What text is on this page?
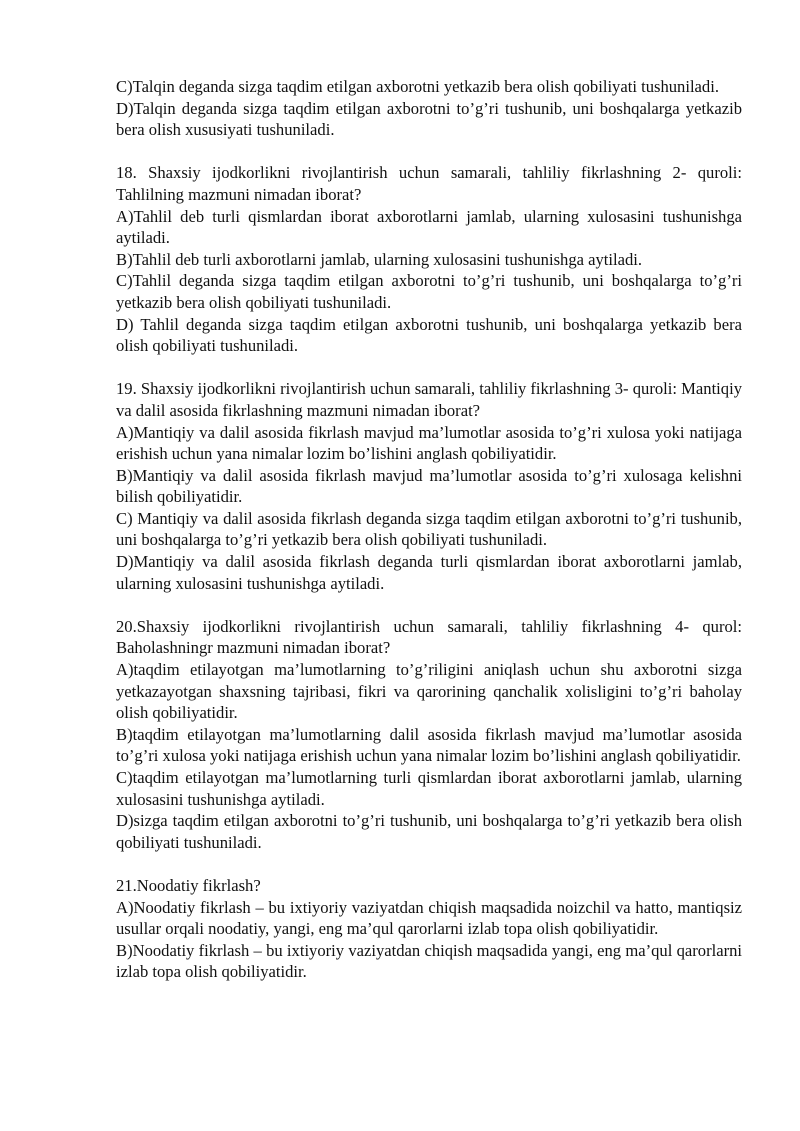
C)Talqin deganda sizga taqdim etilgan axborotni yetkazib bera olish qobiliyati tushuniladi.

D)Talqin deganda sizga taqdim etilgan axborotni to’g’ri tushunib, uni boshqalarga yetkazib bera olish xususiyati tushuniladi.

18. Shaxsiy ijodkorlikni rivojlantirish uchun samarali, tahliliy fikrlashning 2- quroli: Tahlilning mazmuni nimadan iborat?

A)Tahlil deb turli qismlardan iborat axborotlarni jamlab, ularning xulosasini tushunishga aytiladi.

B)Tahlil deb turli axborotlarni jamlab, ularning xulosasini tushunishga aytiladi.

C)Tahlil deganda sizga taqdim etilgan axborotni to’g’ri tushunib, uni boshqalarga to’g’ri yetkazib bera olish qobiliyati tushuniladi.

D) Tahlil deganda sizga taqdim etilgan axborotni tushunib, uni boshqalarga yetkazib bera olish qobiliyati tushuniladi.

19. Shaxsiy ijodkorlikni rivojlantirish uchun samarali, tahliliy fikrlashning 3- quroli: Mantiqiy va dalil asosida fikrlashning mazmuni nimadan iborat?

A)Mantiqiy va dalil asosida fikrlash mavjud ma’lumotlar asosida to’g’ri xulosa yoki natijaga erishish uchun yana nimalar lozim bo’lishini anglash qobiliyatidir.

B)Mantiqiy va dalil asosida fikrlash mavjud ma’lumotlar asosida to’g’ri xulosaga kelishni bilish qobiliyatidir.

C) Mantiqiy va dalil asosida fikrlash deganda sizga taqdim etilgan axborotni to’g’ri tushunib, uni boshqalarga to’g’ri yetkazib bera olish qobiliyati tushuniladi.

D)Mantiqiy va dalil asosida fikrlash deganda turli qismlardan iborat axborotlarni jamlab, ularning xulosasini tushunishga aytiladi.

20.Shaxsiy ijodkorlikni rivojlantirish uchun samarali, tahliliy fikrlashning 4- qurol: Baholashningr mazmuni nimadan iborat?

A)taqdim etilayotgan ma’lumotlarning to’g’riligini aniqlash uchun shu axborotni sizga yetkazayotgan shaxsning tajribasi, fikri va qarorining qanchalik xolisligini to’g’ri baholay olish qobiliyatidir.

B)taqdim etilayotgan ma’lumotlarning dalil asosida fikrlash mavjud ma’lumotlar asosida to’g’ri xulosa yoki natijaga erishish uchun yana nimalar lozim bo’lishini anglash qobiliyatidir.

C)taqdim etilayotgan ma’lumotlarning turli qismlardan iborat axborotlarni jamlab, ularning xulosasini tushunishga aytiladi.

D)sizga taqdim etilgan axborotni to’g’ri tushunib, uni boshqalarga to’g’ri yetkazib bera olish qobiliyati tushuniladi.

21.Noodatiy fikrlash?

A)Noodatiy fikrlash – bu ixtiyoriy vaziyatdan chiqish maqsadida noizchil va hatto, mantiqsiz usullar orqali noodatiy, yangi, eng ma’qul qarorlarni izlab topa olish qobiliyatidir.

B)Noodatiy fikrlash – bu ixtiyoriy vaziyatdan chiqish maqsadida yangi, eng ma’qul qarorlarni izlab topa olish qobiliyatidir.
